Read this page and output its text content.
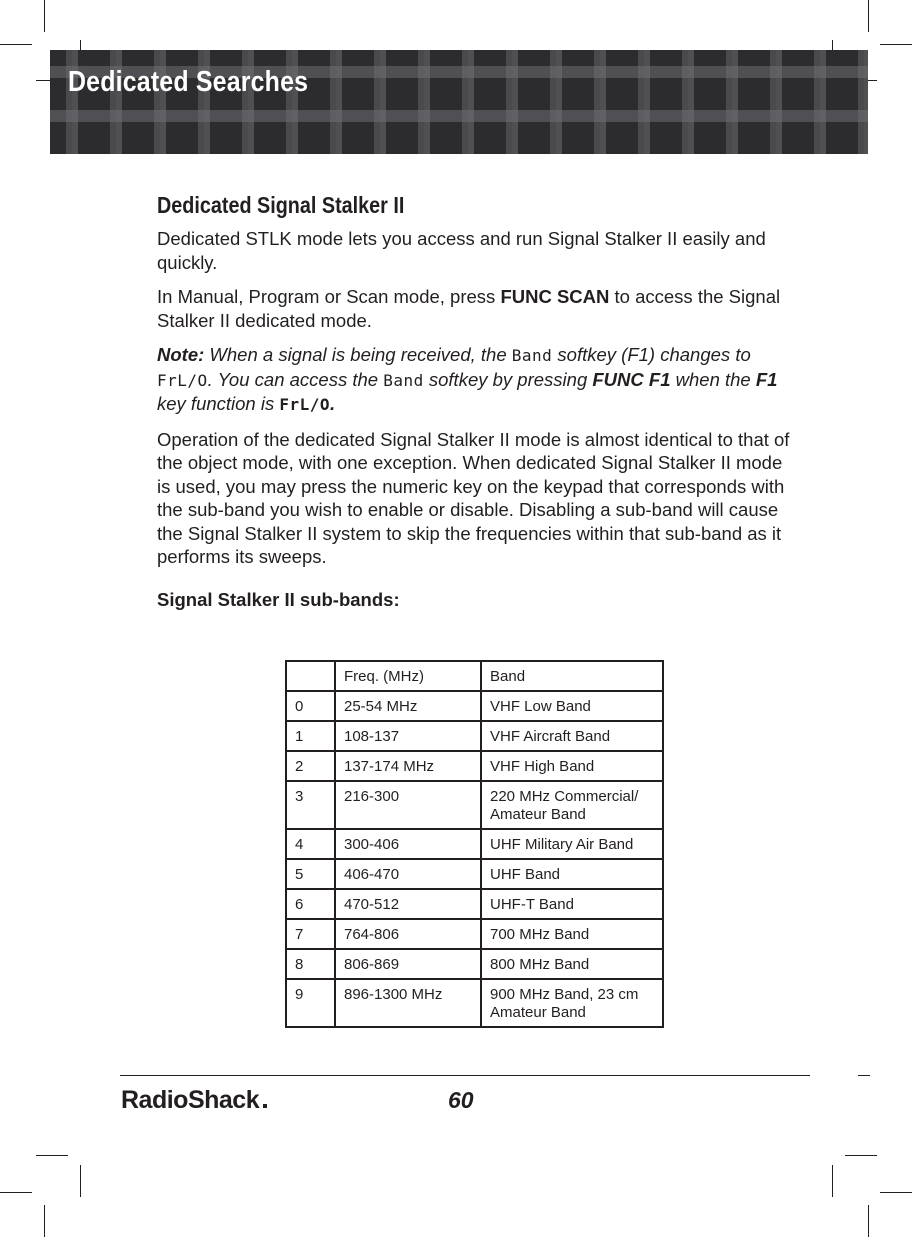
Dedicated Searches
Dedicated Signal Stalker II

Dedicated STLK mode lets you access and run Signal Stalker II easily and quickly.

In Manual, Program or Scan mode, press FUNC SCAN to access the Signal Stalker II dedicated mode.

Note: When a signal is being received, the Band softkey (F1) changes to FrL/O. You can access the Band softkey by pressing FUNC F1 when the F1 key function is FrL/O.

Operation of the dedicated Signal Stalker II mode is almost identical to that of the object mode, with one exception. When dedicated Signal Stalker II mode is used, you may press the numeric key on the keypad that corresponds with the sub-band you wish to enable or disable. Disabling a sub-band will cause the Signal Stalker II system to skip the frequencies within that sub-band as it performs its sweeps.

Signal Stalker II sub-bands:

	Freq. (MHz)	Band
0	25-54 MHz	VHF Low Band
1	108-137	VHF Aircraft Band
2	137-174 MHz	VHF High Band
3	216-300	220 MHz Commercial/ Amateur Band
4	300-406	UHF Military Air Band
5	406-470	UHF Band
6	470-512	UHF-T Band
7	764-806	700 MHz Band
8	806-869	800 MHz Band
9	896-1300 MHz	900 MHz Band, 23 cm Amateur Band
RadioShack	60
